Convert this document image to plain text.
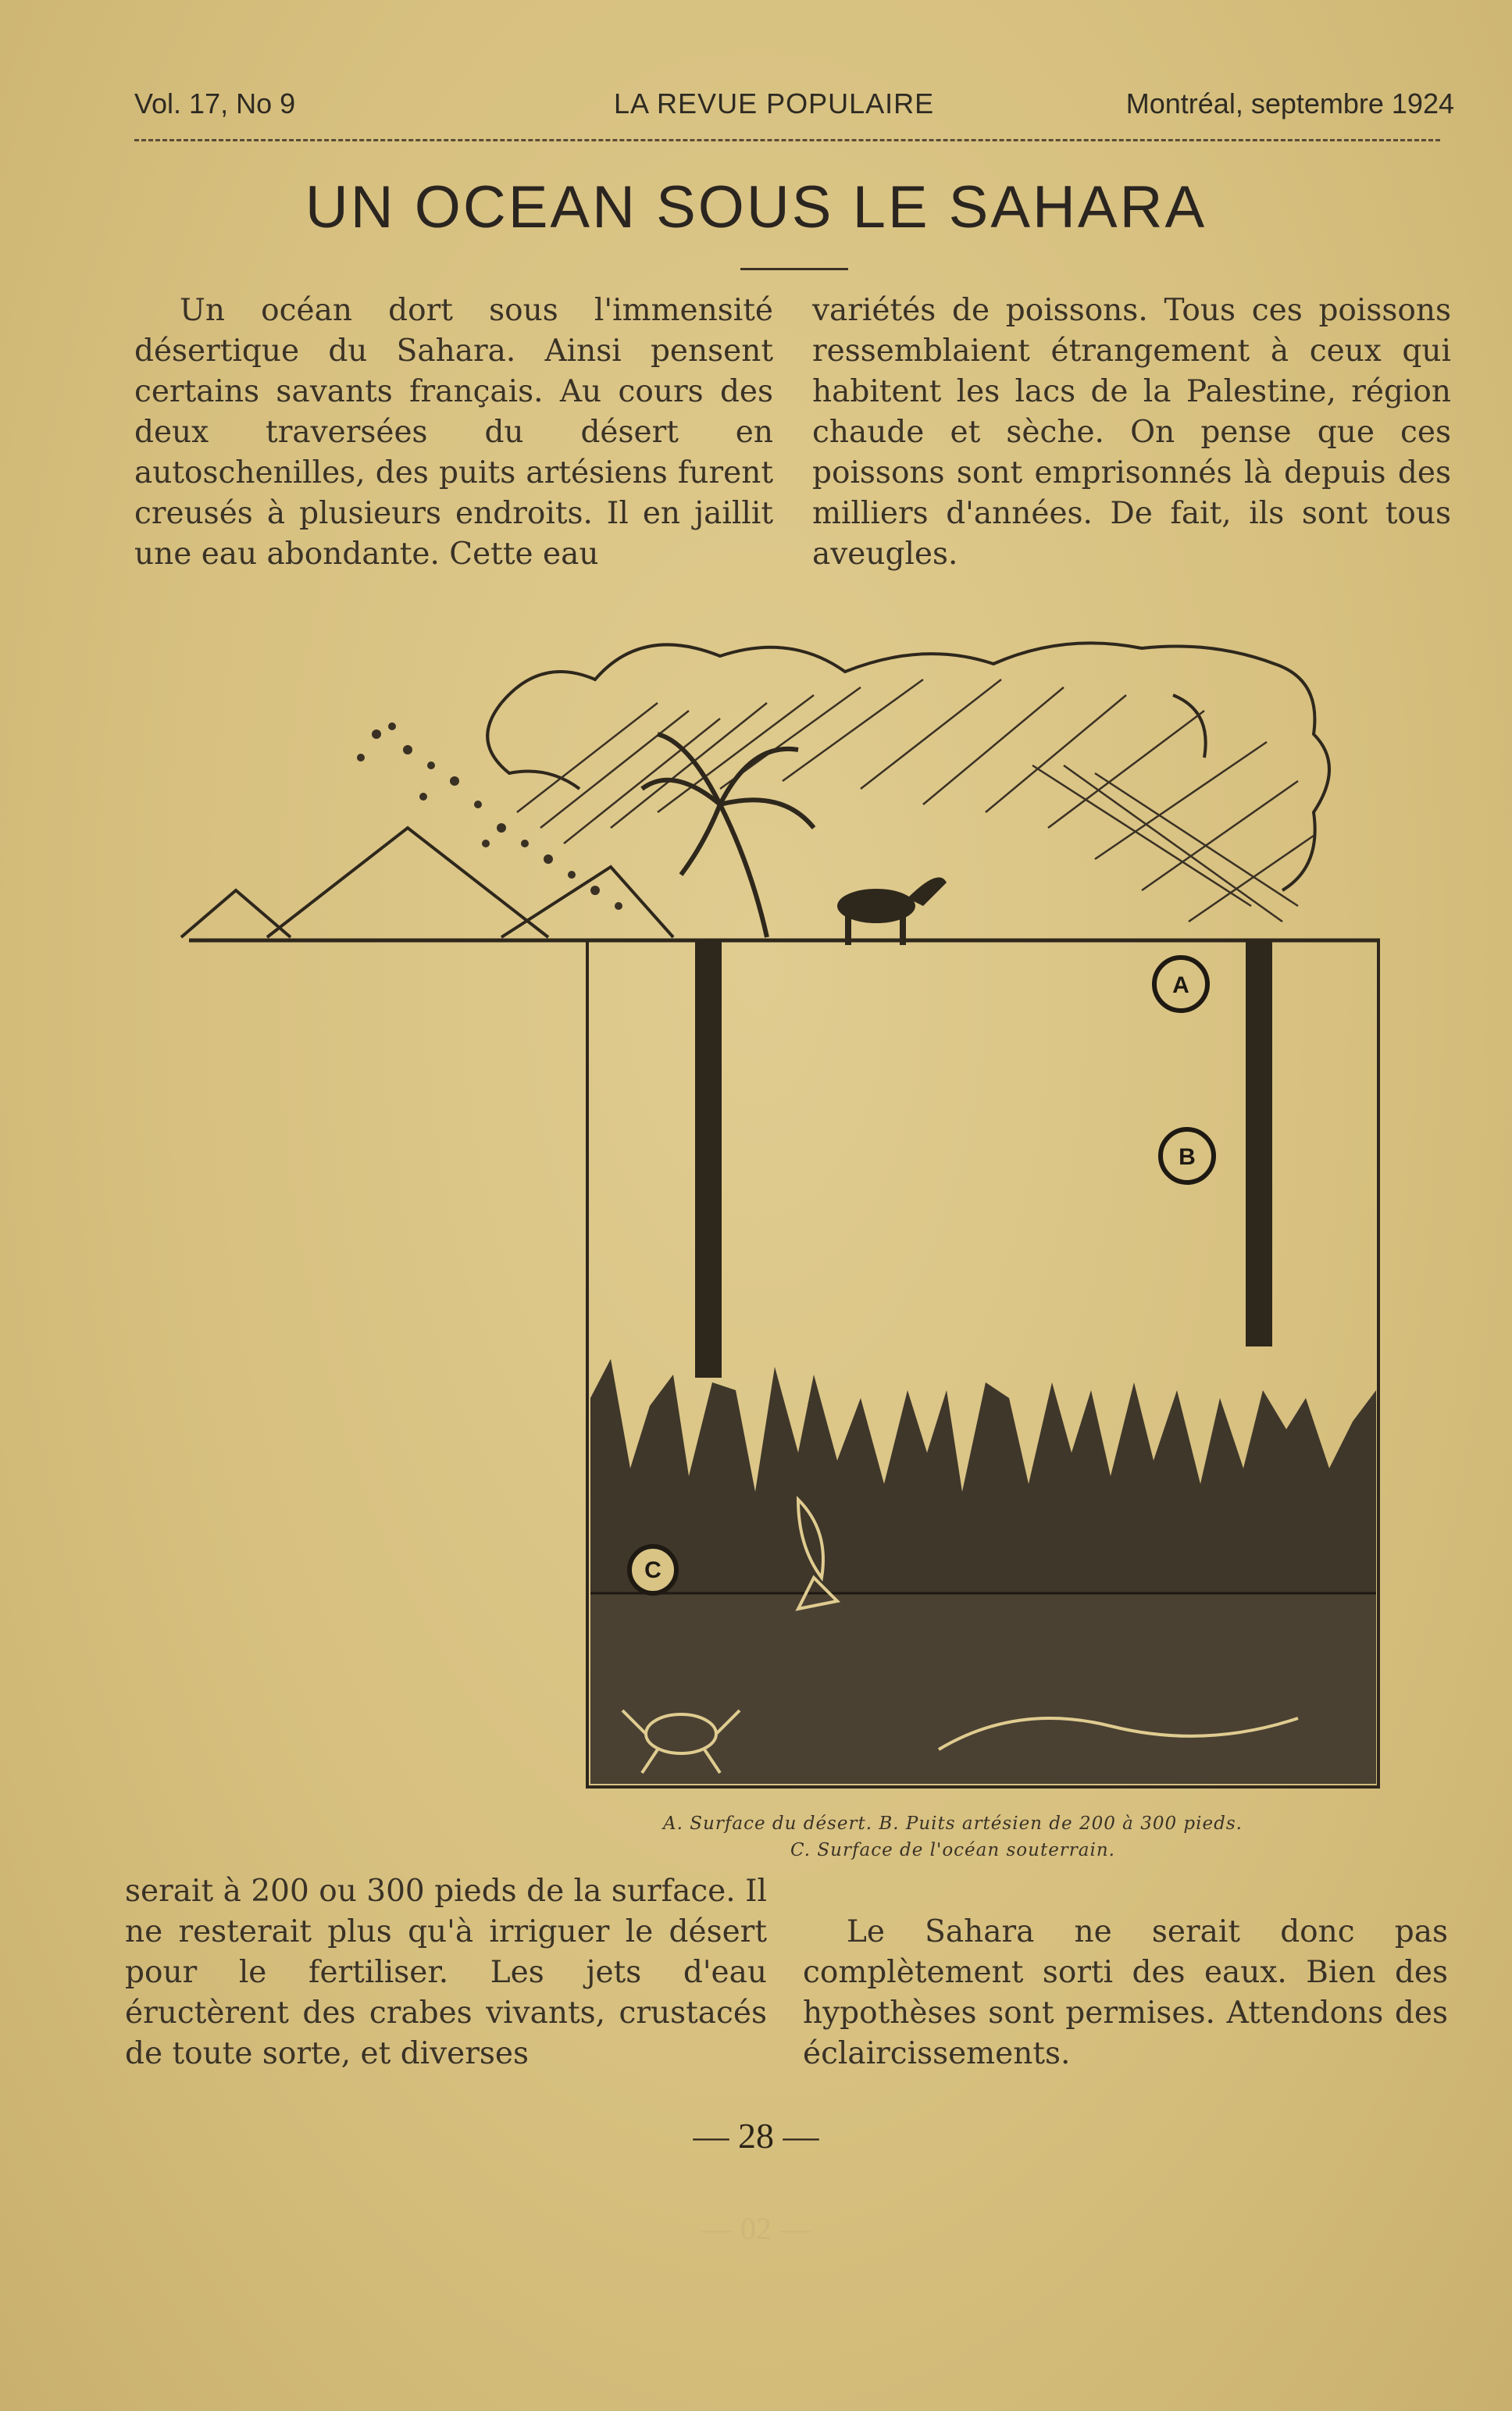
Vol. 17, No 9	LA REVUE POPULAIRE	Montréal, septembre 1924
UN OCEAN SOUS LE SAHARA

Un océan dort sous l'immensité désertique du Sahara. Ainsi pensent certains savants français. Au cours des deux traversées du désert en autoschenilles, des puits artésiens furent creusés à plusieurs endroits. Il en jaillit une eau abondante. Cette eau

variétés de poissons. Tous ces poissons ressemblaient étrangement à ceux qui habitent les lacs de la Palestine, région chaude et sèche. On pense que ces poissons sont emprisonnés là depuis des milliers d'années. De fait, ils sont tous aveugles.

A
B
C
A. Surface du désert. B. Puits artésien de 200 à 300 pieds.
C. Surface de l'océan souterrain.

serait à 200 ou 300 pieds de la surface. Il ne resterait plus qu'à irriguer le désert pour le fertiliser. Les jets d'eau éructèrent des crabes vivants, crustacés de toute sorte, et diverses

Le Sahara ne serait donc pas complètement sorti des eaux. Bien des hypothèses sont permises. Attendons des éclaircissements.

— 28 —
— 02 —
